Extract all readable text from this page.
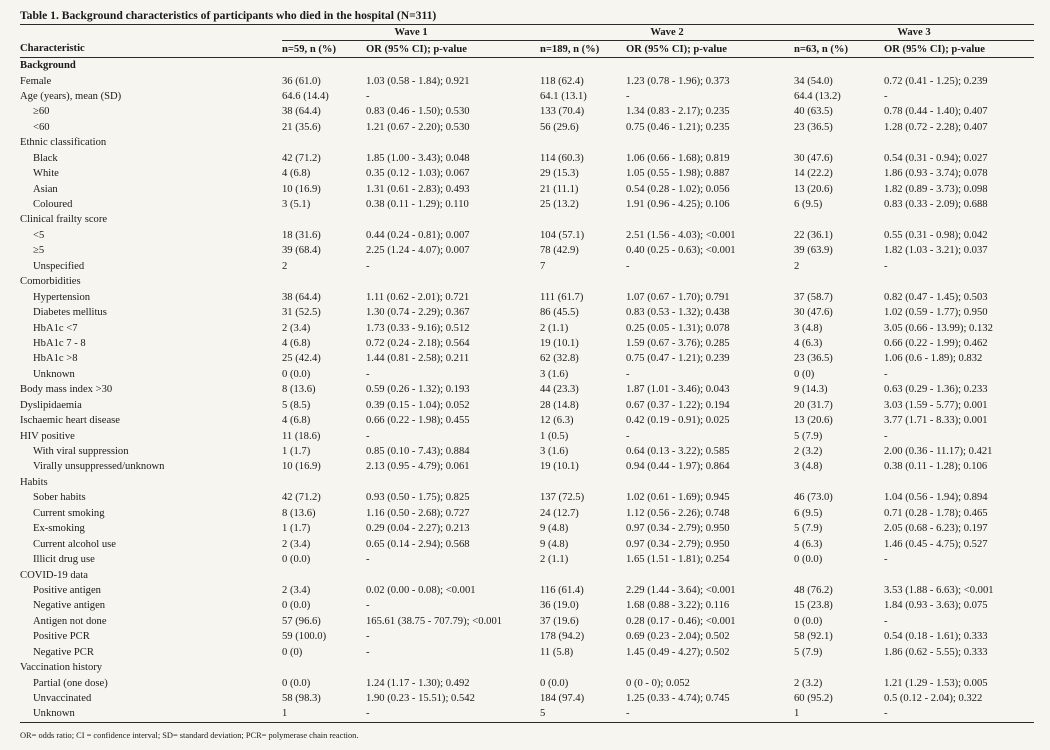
Table 1. Background characteristics of participants who died in the hospital (N=311)
	Wave 1		Wave 2		Wave 3	
Characteristic	n=59, n (%)	OR (95% CI); p-value	n=189, n (%)	OR (95% CI); p-value	n=63, n (%)	OR (95% CI); p-value
Background						
Female	36 (61.0)	1.03 (0.58 - 1.84); 0.921	118 (62.4)	1.23 (0.78 - 1.96); 0.373	34 (54.0)	0.72 (0.41 - 1.25); 0.239
Age (years), mean (SD)	64.6 (14.4)	-	64.1 (13.1)	-	64.4 (13.2)	-
≥60	38 (64.4)	0.83 (0.46 - 1.50); 0.530	133 (70.4)	1.34 (0.83 - 2.17); 0.235	40 (63.5)	0.78 (0.44 - 1.40); 0.407
<60	21 (35.6)	1.21 (0.67 - 2.20); 0.530	56 (29.6)	0.75 (0.46 - 1.21); 0.235	23 (36.5)	1.28 (0.72 - 2.28); 0.407
Ethnic classification						
Black	42 (71.2)	1.85 (1.00 - 3.43); 0.048	114 (60.3)	1.06 (0.66 - 1.68); 0.819	30 (47.6)	0.54 (0.31 - 0.94); 0.027
White	4 (6.8)	0.35 (0.12 - 1.03); 0.067	29 (15.3)	1.05 (0.55 - 1.98); 0.887	14 (22.2)	1.86 (0.93 - 3.74); 0.078
Asian	10 (16.9)	1.31 (0.61 - 2.83); 0.493	21 (11.1)	0.54 (0.28 - 1.02); 0.056	13 (20.6)	1.82 (0.89 - 3.73); 0.098
Coloured	3 (5.1)	0.38 (0.11 - 1.29); 0.110	25 (13.2)	1.91 (0.96 - 4.25); 0.106	6 (9.5)	0.83 (0.33 - 2.09); 0.688
Clinical frailty score						
<5	18 (31.6)	0.44 (0.24 - 0.81); 0.007	104 (57.1)	2.51 (1.56 - 4.03); <0.001	22 (36.1)	0.55 (0.31 - 0.98); 0.042
≥5	39 (68.4)	2.25 (1.24 - 4.07); 0.007	78 (42.9)	0.40 (0.25 - 0.63); <0.001	39 (63.9)	1.82 (1.03 - 3.21); 0.037
Unspecified	2	-	7	-	2	-
Comorbidities						
Hypertension	38 (64.4)	1.11 (0.62 - 2.01); 0.721	111 (61.7)	1.07 (0.67 - 1.70); 0.791	37 (58.7)	0.82 (0.47 - 1.45); 0.503
Diabetes mellitus	31 (52.5)	1.30 (0.74 - 2.29); 0.367	86 (45.5)	0.83 (0.53 - 1.32); 0.438	30 (47.6)	1.02 (0.59 - 1.77); 0.950
HbA1c <7	2 (3.4)	1.73 (0.33 - 9.16); 0.512	2 (1.1)	0.25 (0.05 - 1.31); 0.078	3 (4.8)	3.05 (0.66 - 13.99); 0.132
HbA1c 7 - 8	4 (6.8)	0.72 (0.24 - 2.18); 0.564	19 (10.1)	1.59 (0.67 - 3.76); 0.285	4 (6.3)	0.66 (0.22 - 1.99); 0.462
HbA1c >8	25 (42.4)	1.44 (0.81 - 2.58); 0.211	62 (32.8)	0.75 (0.47 - 1.21); 0.239	23 (36.5)	1.06 (0.6 - 1.89); 0.832
Unknown	0 (0.0)	-	3 (1.6)	-	0 (0)	-
Body mass index >30	8 (13.6)	0.59 (0.26 - 1.32); 0.193	44 (23.3)	1.87 (1.01 - 3.46); 0.043	9 (14.3)	0.63 (0.29 - 1.36); 0.233
Dyslipidaemia	5 (8.5)	0.39 (0.15 - 1.04); 0.052	28 (14.8)	0.67 (0.37 - 1.22); 0.194	20 (31.7)	3.03 (1.59 - 5.77); 0.001
Ischaemic heart disease	4 (6.8)	0.66 (0.22 - 1.98); 0.455	12 (6.3)	0.42 (0.19 - 0.91); 0.025	13 (20.6)	3.77 (1.71 - 8.33); 0.001
HIV positive	11 (18.6)	-	1 (0.5)	-	5 (7.9)	-
With viral suppression	1 (1.7)	0.85 (0.10 - 7.43); 0.884	3 (1.6)	0.64 (0.13 - 3.22); 0.585	2 (3.2)	2.00 (0.36 - 11.17); 0.421
Virally unsuppressed/unknown	10 (16.9)	2.13 (0.95 - 4.79); 0.061	19 (10.1)	0.94 (0.44 - 1.97); 0.864	3 (4.8)	0.38 (0.11 - 1.28); 0.106
Habits						
Sober habits	42 (71.2)	0.93 (0.50 - 1.75); 0.825	137 (72.5)	1.02 (0.61 - 1.69); 0.945	46 (73.0)	1.04 (0.56 - 1.94); 0.894
Current smoking	8 (13.6)	1.16 (0.50 - 2.68); 0.727	24 (12.7)	1.12 (0.56 - 2.26); 0.748	6 (9.5)	0.71 (0.28 - 1.78); 0.465
Ex-smoking	1 (1.7)	0.29 (0.04 - 2.27); 0.213	9 (4.8)	0.97 (0.34 - 2.79); 0.950	5 (7.9)	2.05 (0.68 - 6.23); 0.197
Current alcohol use	2 (3.4)	0.65 (0.14 - 2.94); 0.568	9 (4.8)	0.97 (0.34 - 2.79); 0.950	4 (6.3)	1.46 (0.45 - 4.75); 0.527
Illicit drug use	0 (0.0)	-	2 (1.1)	1.65 (1.51 - 1.81); 0.254	0 (0.0)	-
COVID-19 data						
Positive antigen	2 (3.4)	0.02 (0.00 - 0.08); <0.001	116 (61.4)	2.29 (1.44 - 3.64); <0.001	48 (76.2)	3.53 (1.88 - 6.63); <0.001
Negative antigen	0 (0.0)	-	36 (19.0)	1.68 (0.88 - 3.22); 0.116	15 (23.8)	1.84 (0.93 - 3.63); 0.075
Antigen not done	57 (96.6)	165.61 (38.75 - 707.79); <0.001	37 (19.6)	0.28 (0.17 - 0.46); <0.001	0 (0.0)	-
Positive PCR	59 (100.0)	-	178 (94.2)	0.69 (0.23 - 2.04); 0.502	58 (92.1)	0.54 (0.18 - 1.61); 0.333
Negative PCR	0 (0)	-	11 (5.8)	1.45 (0.49 - 4.27); 0.502	5 (7.9)	1.86 (0.62 - 5.55); 0.333
Vaccination history						
Partial (one dose)	0 (0.0)	1.24 (1.17 - 1.30); 0.492	0 (0.0)	0 (0 - 0); 0.052	2 (3.2)	1.21 (1.29 - 1.53); 0.005
Unvaccinated	58 (98.3)	1.90 (0.23 - 15.51); 0.542	184 (97.4)	1.25 (0.33 - 4.74); 0.745	60 (95.2)	0.5 (0.12 - 2.04); 0.322
Unknown	1	-	5	-	1	-
OR= odds ratio; CI = confidence interval; SD= standard deviation; PCR= polymerase chain reaction.
